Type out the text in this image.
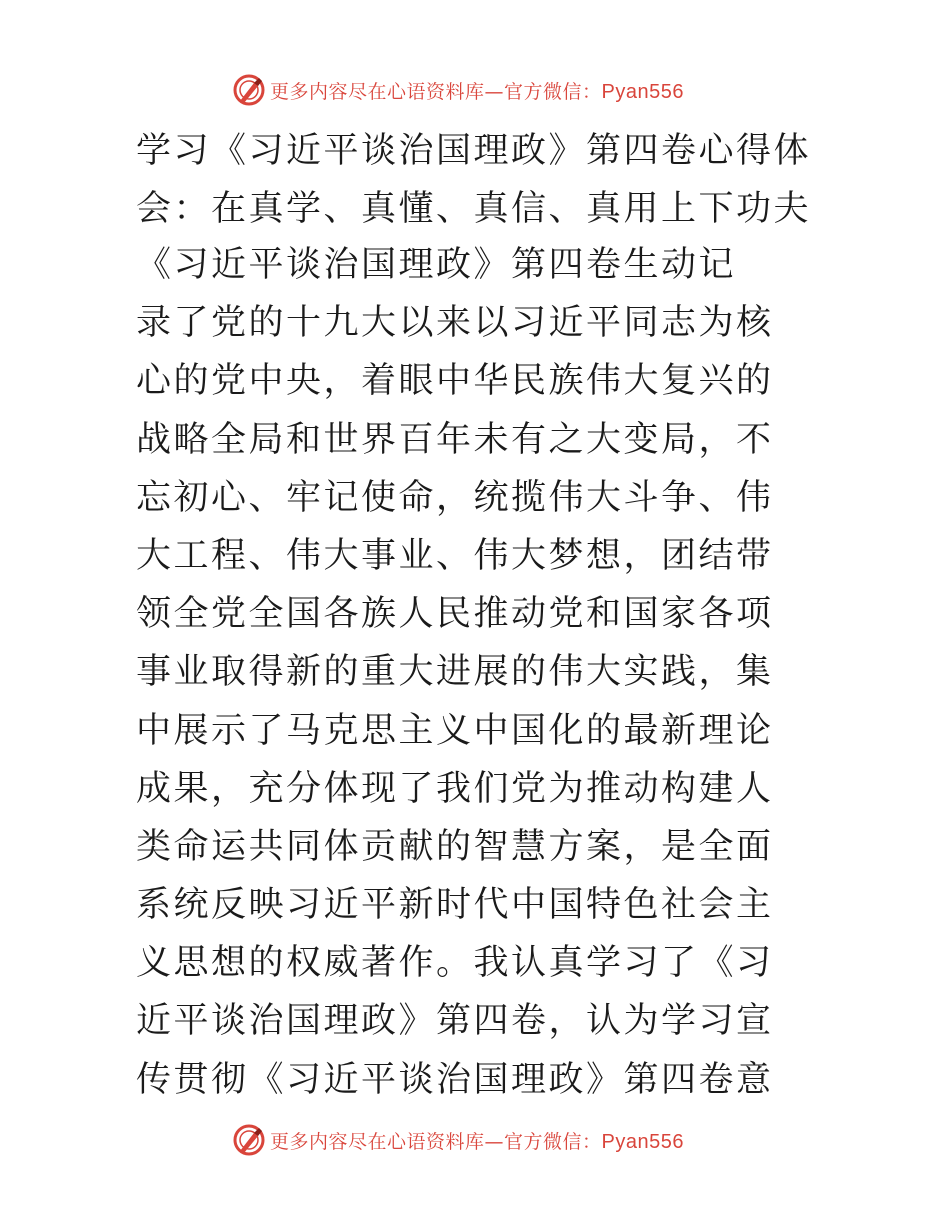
更多内容尽在心语资料库—官方微信：Pyan556
学习《习近平谈治国理政》第四卷心得体
会：在真学、真懂、真信、真用上下功夫
《习近平谈治国理政》第四卷生动记
录了党的十九大以来以习近平同志为核
心的党中央，着眼中华民族伟大复兴的
战略全局和世界百年未有之大变局，不
忘初心、牢记使命，统揽伟大斗争、伟
大工程、伟大事业、伟大梦想，团结带
领全党全国各族人民推动党和国家各项
事业取得新的重大进展的伟大实践，集
中展示了马克思主义中国化的最新理论
成果，充分体现了我们党为推动构建人
类命运共同体贡献的智慧方案，是全面
系统反映习近平新时代中国特色社会主
义思想的权威著作。我认真学习了《习
近平谈治国理政》第四卷，认为学习宣
传贯彻《习近平谈治国理政》第四卷意
更多内容尽在心语资料库—官方微信：Pyan556
